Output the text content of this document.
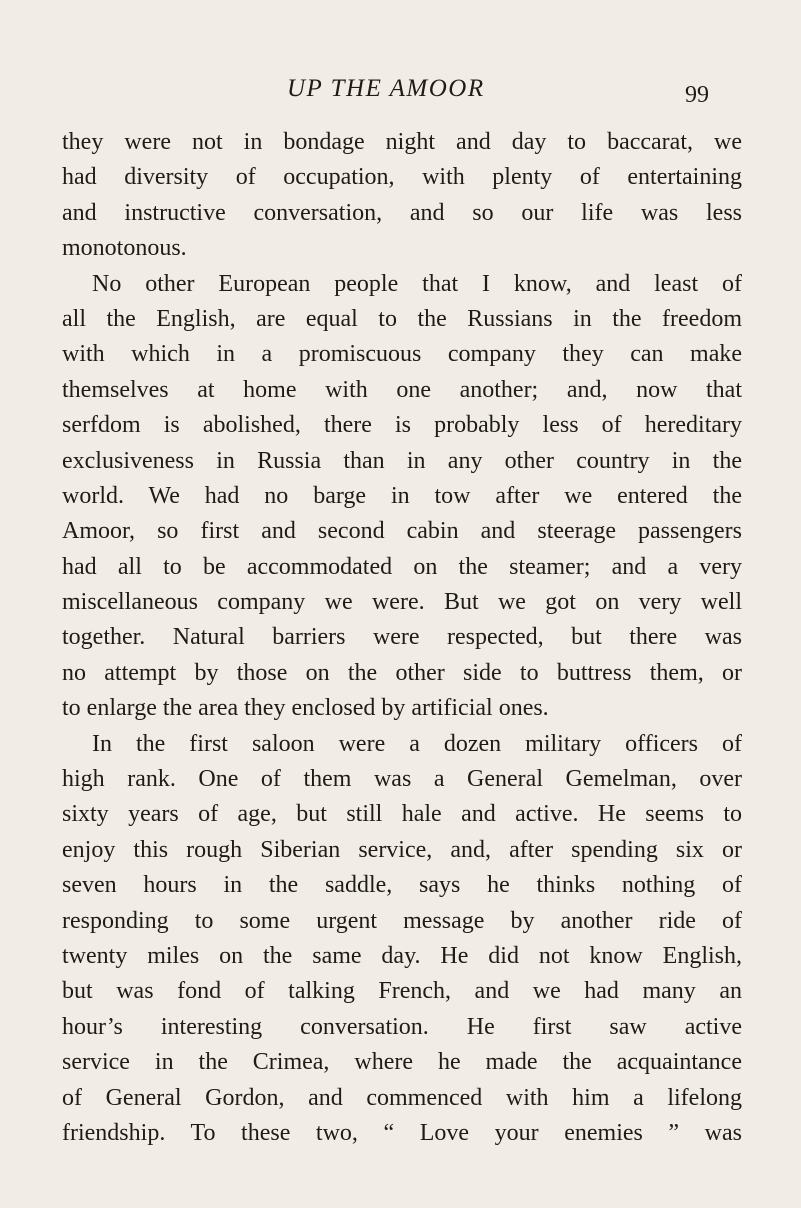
UP THE AMOOR	99
they were not in bondage night and day to baccarat, we
had diversity of occupation, with plenty of entertaining
and instructive conversation, and so our life was less
monotonous.
No other European people that I know, and least of
all the English, are equal to the Russians in the freedom
with which in a promiscuous company they can make
themselves at home with one another; and, now that
serfdom is abolished, there is probably less of hereditary
exclusiveness in Russia than in any other country in the
world. We had no barge in tow after we entered the
Amoor, so first and second cabin and steerage passengers
had all to be accommodated on the steamer; and a very
miscellaneous company we were. But we got on very well
together. Natural barriers were respected, but there was
no attempt by those on the other side to buttress them, or
to enlarge the area they enclosed by artificial ones.
In the first saloon were a dozen military officers of
high rank. One of them was a General Gemelman, over
sixty years of age, but still hale and active. He seems to
enjoy this rough Siberian service, and, after spending six or
seven hours in the saddle, says he thinks nothing of
responding to some urgent message by another ride of
twenty miles on the same day. He did not know English,
but was fond of talking French, and we had many an
hour’s interesting conversation. He first saw active
service in the Crimea, where he made the acquaintance
of General Gordon, and commenced with him a lifelong
friendship. To these two, “ Love your enemies ” was
